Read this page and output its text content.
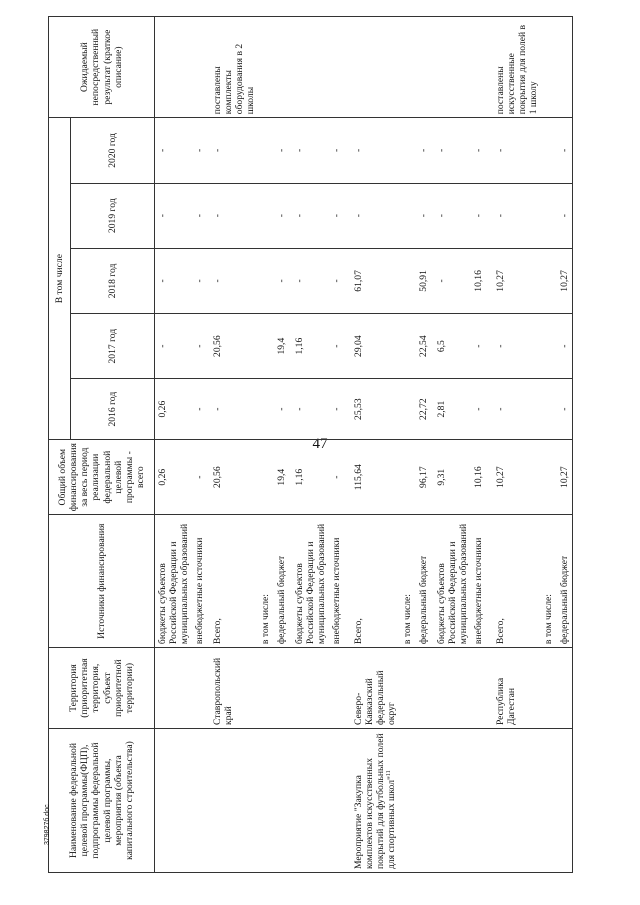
47
Наименование федеральной целевой программы(ФЦП), подпрограммы федеральной целевой программы, мероприятия (объекта капитального строительства)	Территория (приоритетная территория, субъект приоритетной территории)	Источники финансирования	Общий объем финансирования за весь период реализации федеральной целевой программы - всего	В том числе					Ожидаемый непосредственный результат (краткое описание)
				2016 год	2017 год	2018 год	2019 год	2020 год	
		бюджеты субъектов Российской Федерации и муниципальных образований	0,26	0,26	-	-	-	-	
		внебюджетные источники	-	-	-	-	-	-	
	Ставропольский край	Всего,	20,56	-	20,56	-	-	-	поставлены комплекты оборудования в 2 школы
		в том числе:							
		федеральный бюджет	19,4	-	19,4	-	-	-	
		бюджеты субъектов Российской Федерации и муниципальных образований	1,16	-	1,16	-	-	-	
		внебюджетные источники	-	-	-	-	-	-	
Мероприятие "Закупка комплектов искусственных покрытий для футбольных полей для спортивных школ"$^{11}$	Северо-Кавказский федеральный округ	Всего,	115,64	25,53	29,04	61,07	-	-	
		в том числе:							
		федеральный бюджет	96,17	22,72	22,54	50,91	-	-	
		бюджеты субъектов Российской Федерации и муниципальных образований	9,31	2,81	6,5	-	-	-	
		внебюджетные источники	10,16	-	-	10,16	-	-	
	Республика Дагестан	Всего,	10,27	-	-	10,27	-	-	поставлены искусственные покрытия для полей в 1 школу
		в том числе:							
		федеральный бюджет	10,27	-	-	10,27	-	-	
379827б.doc
